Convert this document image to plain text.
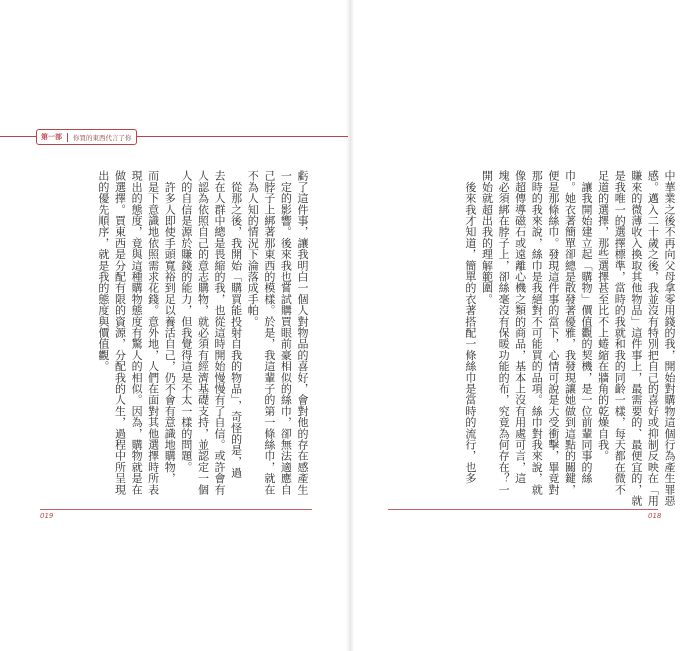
第一部 你買的東西代言了你

中華業之後不再向父母拿零用錢的我，開始對購物這個行為產生罪惡

感。邁入二十歲之後，我並沒有特別把自己的喜好或抑制反映在「用

賺來的微薄收入換取其他物品」這件事上，最需要的、最便宜的，就

是我唯一的選擇標準，當時的我就和我的同齡一樣，每天都在微不

足道的選擇，那些選擇甚至比不上蜷縮在牆角的乾燥自我。

　讓我開始建立起「購物」價值觀的契機，是一位前輩同事的絲

巾。她衣著簡單卻總是散發著優雅，我發現讓她做到這點的關鍵，

便是那條絲巾。發現這件事的當下，心情可說是大受衝擊，畢竟對

那時的我來說，絲巾是我絕對不可能買的品項。絲巾對我來說，就

像超傳導磁石或遠離心機之類的商品，基本上沒有用處可言，這

塊必須綁在脖子上，卻絲毫沒有保暖功能的布，究竟為何存在？一

開始就超出我的理解範圍。

　後來我才知道，簡單的衣著搭配一條絲巾是當時的流行，也多

虧了這件事，讓我明白一個人對物品的喜好，會對他的存在感產生

一定的影響。後來我也嘗試購買眼前豪相似的絲巾，卻無法適應自

己脖子上綁著那東西的模樣。於是，我這輩子的第一條絲巾，就在

不為人知的情況下淪落成手帕。

　從那之後，我開始「購買能投射自我的物品」，奇怪的是，過

去在人群中總是畏縮的我，也從這時開始慢慢有了自信。或許會有

人認為依照自己的意志購物，就必須有經濟基礎支持，並認定一個

人的自信是源於賺錢的能力，但我覺得這是不太一樣的問題。

　許多人即使手頭寬裕到足以養活自己，仍不會有意識地購物，

而是下意識地依照需求花錢。意外地，人們在面對其他選擇時所表

現出的態度，竟與這種購物態度有驚人的相似。因為，購物就是在

做選擇。買東西是分配有限的資源，分配我的人生，過程中所呈現

出的優先順序，就是我的態度與價值觀。

019	018
